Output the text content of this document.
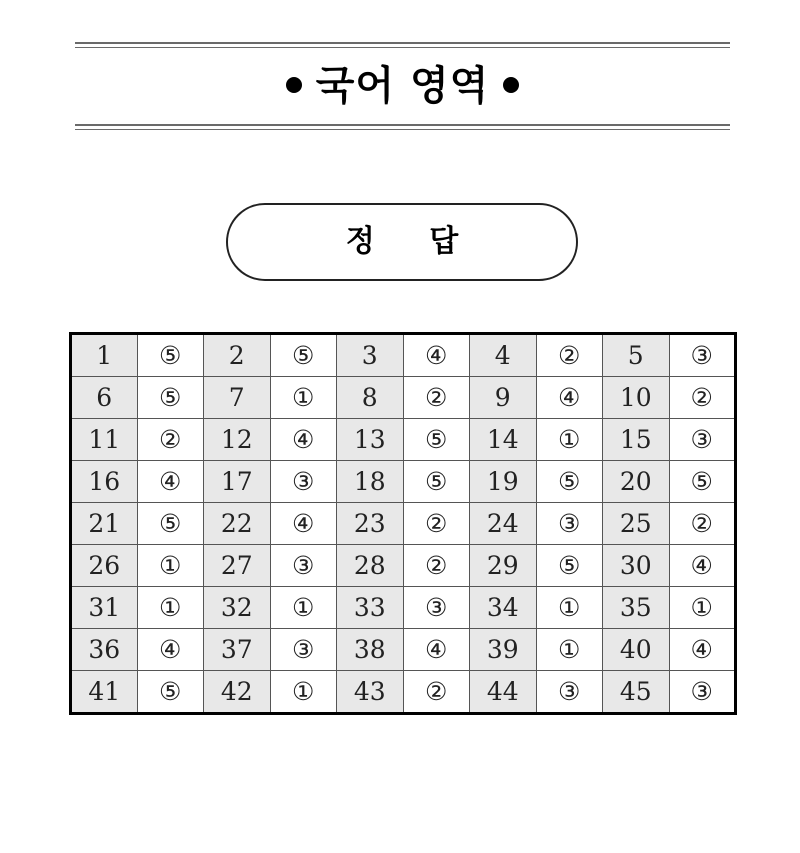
국어 영역
정 답
1	⑤	2	⑤	3	④	4	②	5	③
6	⑤	7	①	8	②	9	④	10	②
11	②	12	④	13	⑤	14	①	15	③
16	④	17	③	18	⑤	19	⑤	20	⑤
21	⑤	22	④	23	②	24	③	25	②
26	①	27	③	28	②	29	⑤	30	④
31	①	32	①	33	③	34	①	35	①
36	④	37	③	38	④	39	①	40	④
41	⑤	42	①	43	②	44	③	45	③
